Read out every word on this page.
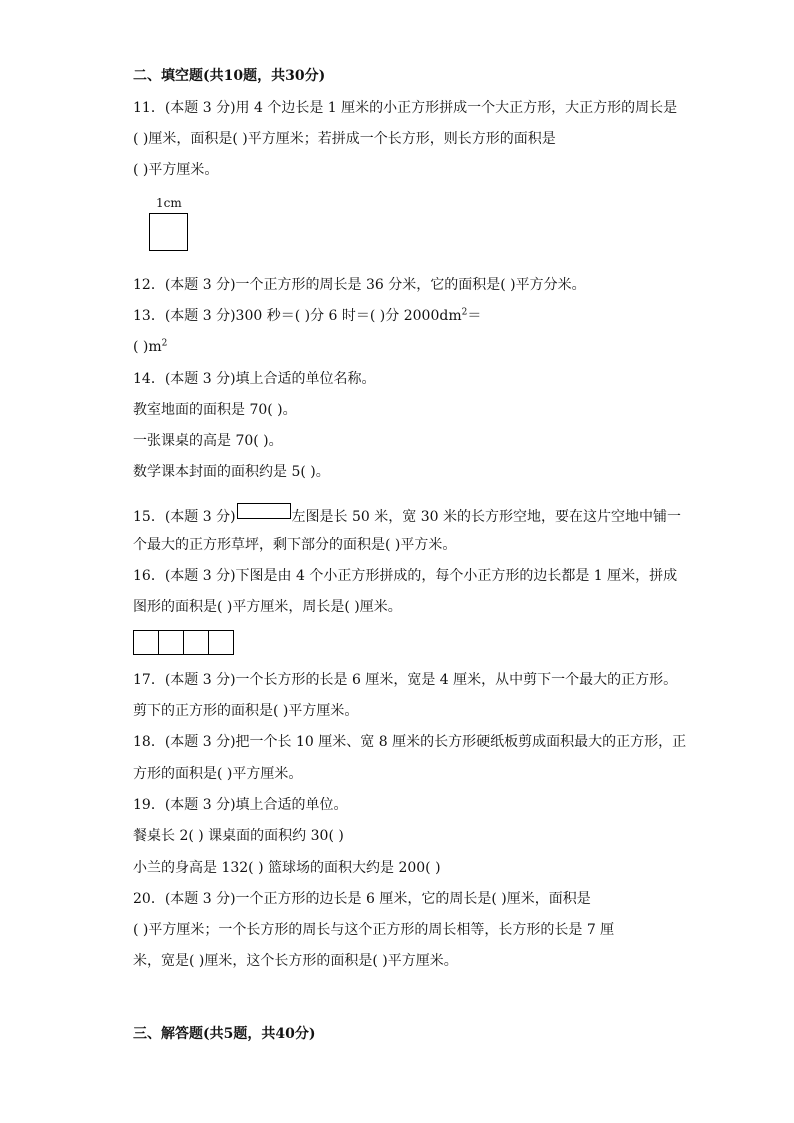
二、填空题(共10题，共30分)
11．(本题 3 分)用 4 个边长是 1 厘米的小正方形拼成一个大正方形，大正方形的周长是
( )厘米，面积是( )平方厘米；若拼成一个长方形，则长方形的面积是
( )平方厘米。
1cm
12．(本题 3 分)一个正方形的周长是 36 分米，它的面积是( )平方分米。
13．(本题 3 分)300 秒＝( )分 6 时＝( )分 $2000dm^2=$
( )$m^2$
14．(本题 3 分)填上合适的单位名称。
教室地面的面积是 70( )。
一张课桌的高是 70( )。
数学课本封面的面积约是 5( )。
15．(本题 3 分)	左图是长 50 米，宽 30 米的长方形空地，要在这片空地中铺一
个最大的正方形草坪，剩下部分的面积是( )平方米。
16．(本题 3 分)下图是由 4 个小正方形拼成的，每个小正方形的边长都是 1 厘米，拼成
图形的面积是( )平方厘米，周长是( )厘米。
17．(本题 3 分)一个长方形的长是 6 厘米，宽是 4 厘米，从中剪下一个最大的正方形。
剪下的正方形的面积是( )平方厘米。
18．(本题 3 分)把一个长 10 厘米、宽 8 厘米的长方形硬纸板剪成面积最大的正方形，正
方形的面积是( )平方厘米。
19．(本题 3 分)填上合适的单位。
餐桌长 2( ) 课桌面的面积约 30( )
小兰的身高是 132( ) 篮球场的面积大约是 200( )
20．(本题 3 分)一个正方形的边长是 6 厘米，它的周长是( )厘米，面积是
( )平方厘米；一个长方形的周长与这个正方形的周长相等，长方形的长是 7 厘
米，宽是( )厘米，这个长方形的面积是( )平方厘米。
三、解答题(共5题，共40分)
